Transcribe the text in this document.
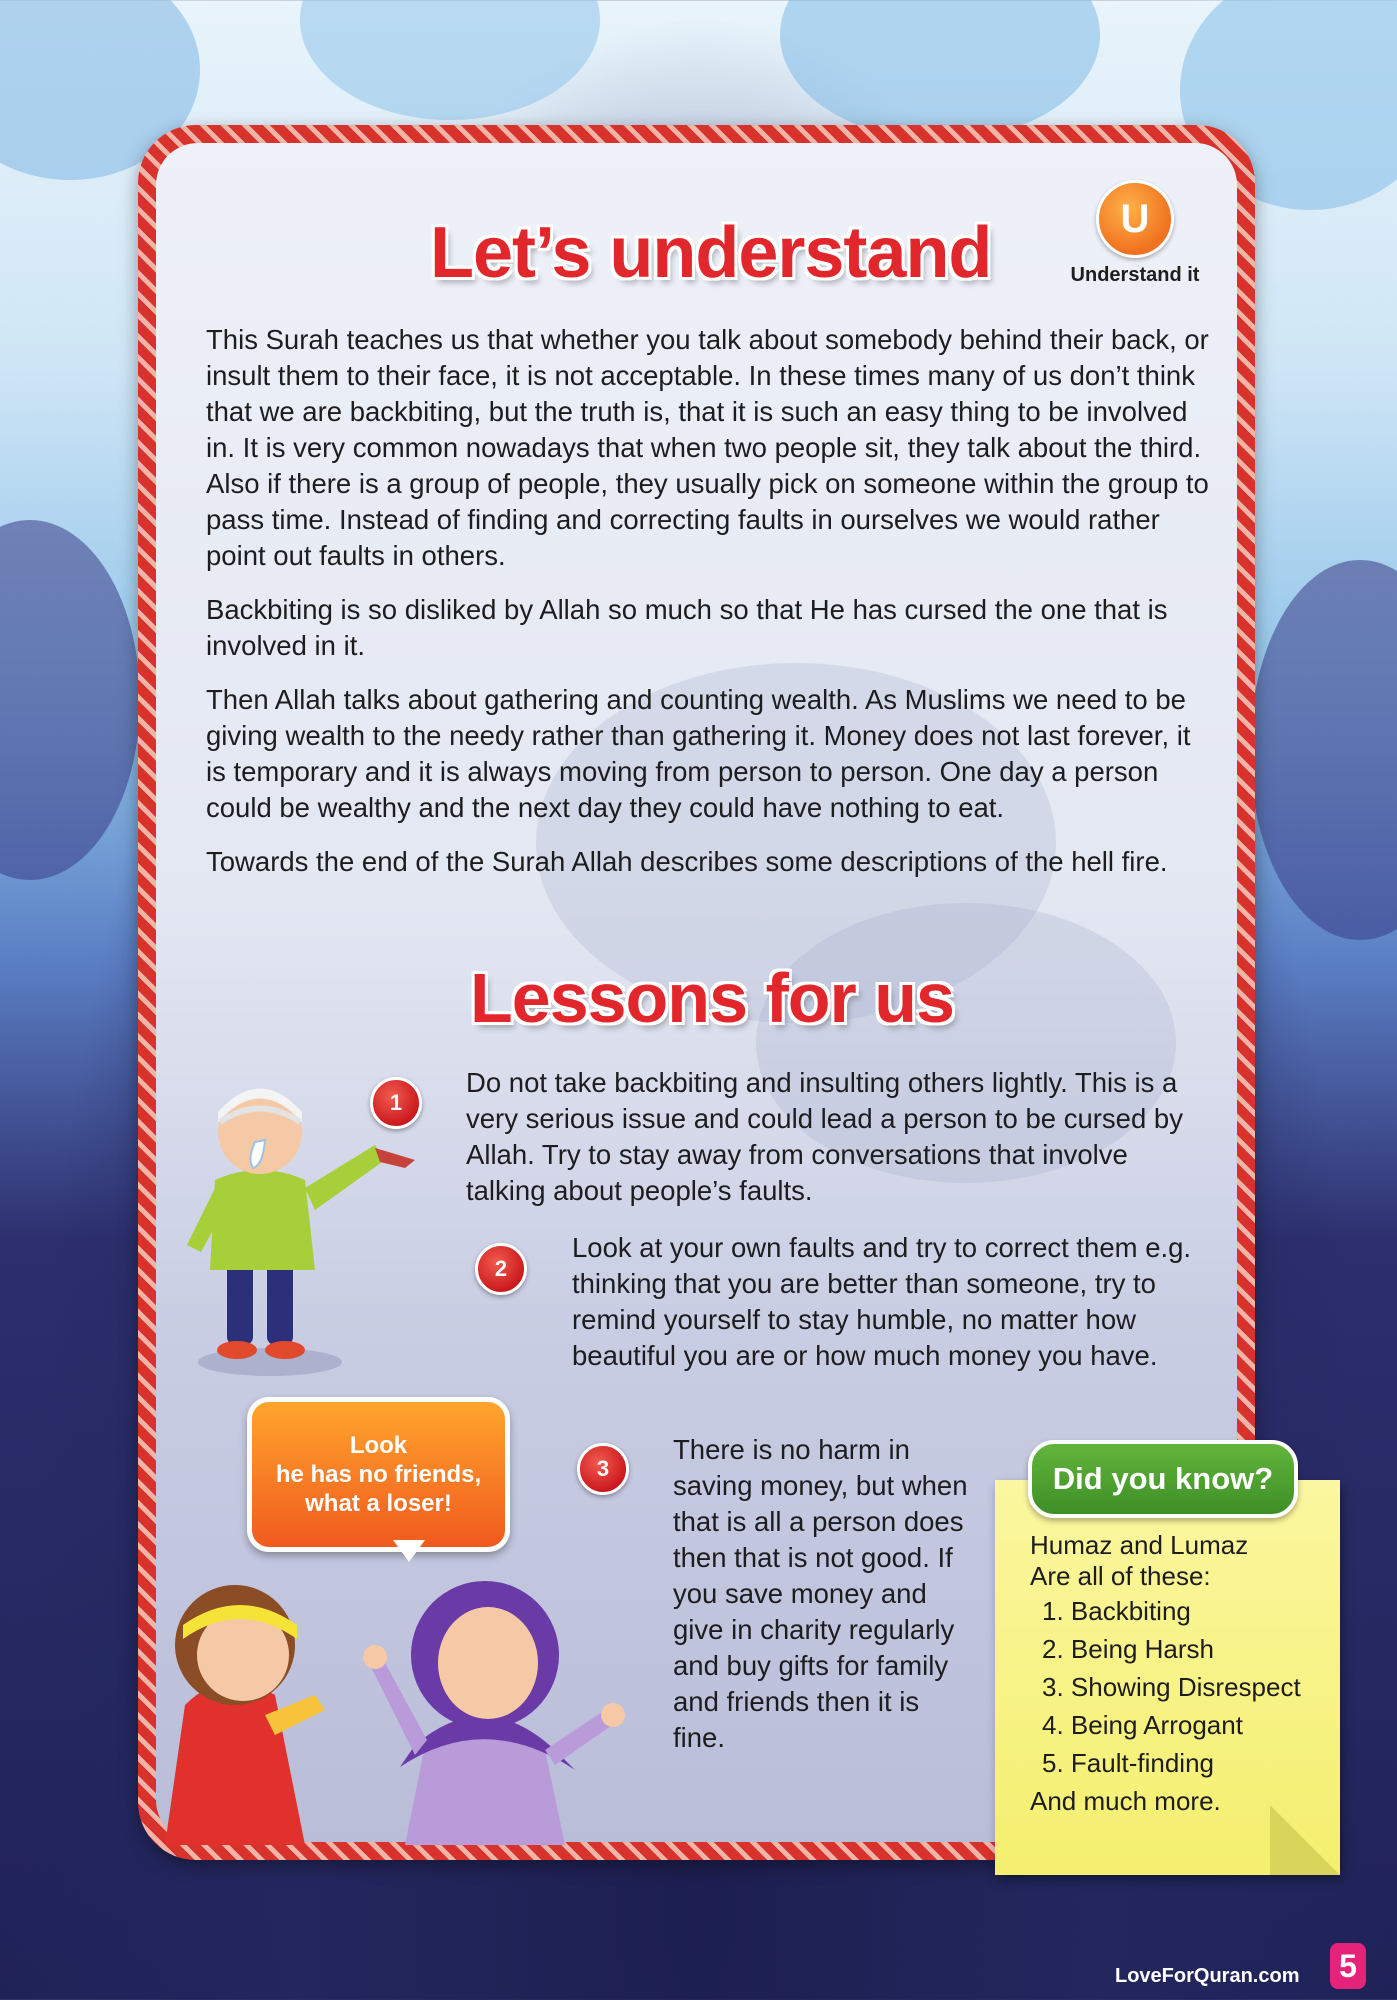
Let’s understand	U
Understand it

This Surah teaches us that whether you talk about somebody behind their back, or insult them to their face, it is not acceptable. In these times many of us don’t think that we are backbiting, but the truth is, that it is such an easy thing to be involved in. It is very common nowadays that when two people sit, they talk about the third. Also if there is a group of people, they usually pick on someone within the group to pass time. Instead of finding and correcting faults in ourselves we would rather point out faults in others.

Backbiting is so disliked by Allah so much so that He has cursed the one that is involved in it.

Then Allah talks about gathering and counting wealth. As Muslims we need to be giving wealth to the needy rather than gathering it. Money does not last forever, it is temporary and it is always moving from person to person. One day a person could be wealthy and the next day they could have nothing to eat.

Towards the end of the Surah Allah describes some descriptions of the hell fire.

Lessons for us
1

Do not take backbiting and insulting others lightly. This is a very serious issue and could lead a person to be cursed by Allah. Try to stay away from conversations that involve talking about people’s faults.

2

Look at your own faults and try to correct them e.g. thinking that you are better than someone, try to remind yourself to stay humble, no matter how beautiful you are or how much money you have.

3

There is no harm in saving money, but when that is all a person does then that is not good. If you save money and give in charity regularly and buy gifts for family and friends then it is fine.

Look
he has no friends,
what a loser!
Did you know?
Humaz and Lumaz
Are all of these:
1. Backbiting
2. Being Harsh
3. Showing Disrespect
4. Being Arrogant
5. Fault-finding
And much more.
LoveForQuran.com 5
